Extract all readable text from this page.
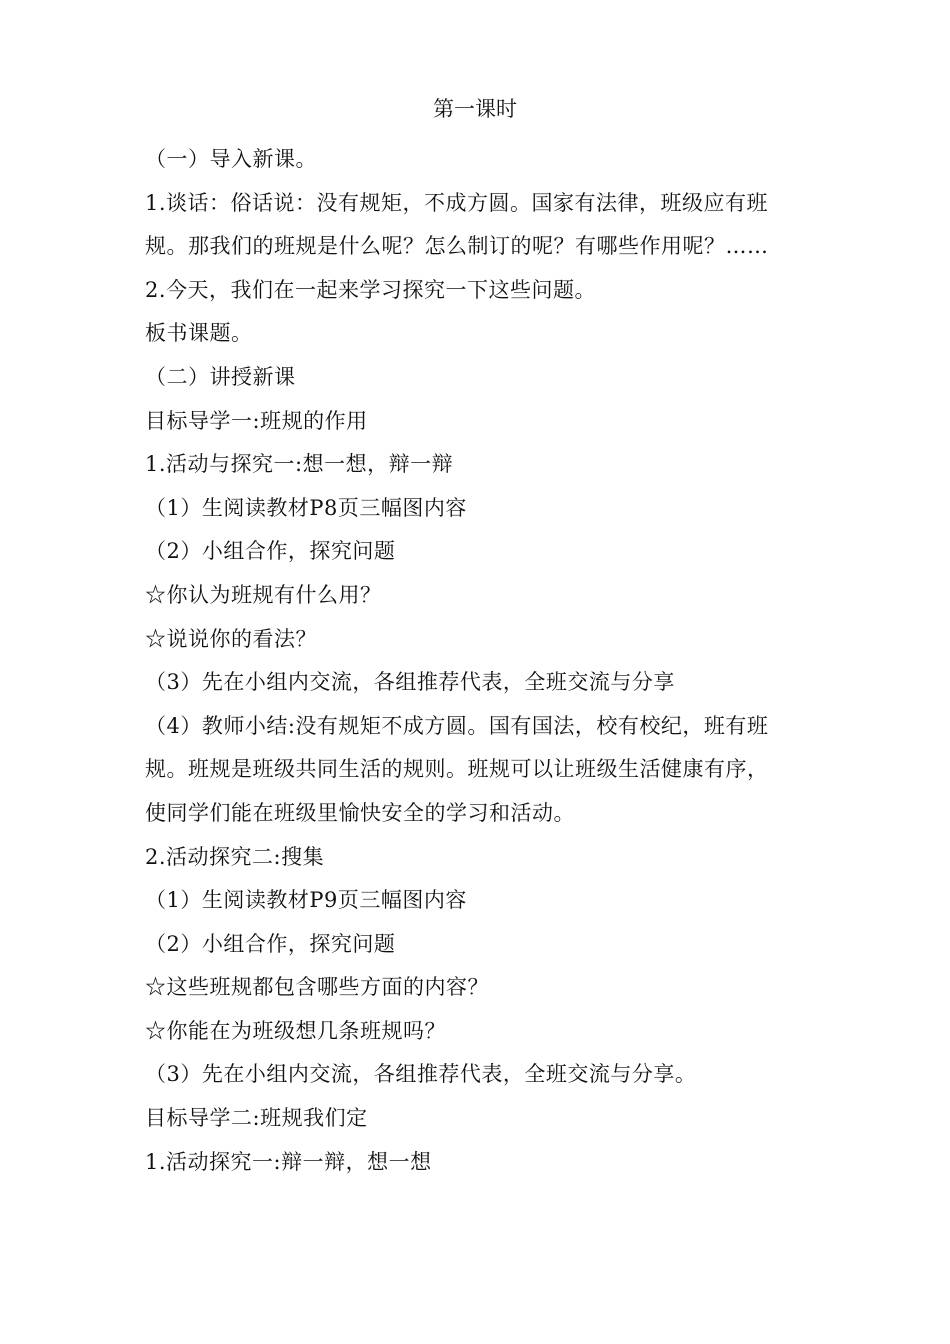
第一课时

（一）导入新课。

1.谈话：俗话说：没有规矩，不成方圆。国家有法律，班级应有班

规。那我们的班规是什么呢？怎么制订的呢？有哪些作用呢？……

2.今天，我们在一起来学习探究一下这些问题。

板书课题。

（二）讲授新课

目标导学一:班规的作用

1.活动与探究一:想一想，辩一辩

（1）生阅读教材P8页三幅图内容

（2）小组合作，探究问题

☆你认为班规有什么用？

☆说说你的看法？

（3）先在小组内交流，各组推荐代表，全班交流与分享

（4）教师小结:没有规矩不成方圆。国有国法，校有校纪，班有班

规。班规是班级共同生活的规则。班规可以让班级生活健康有序，

使同学们能在班级里愉快安全的学习和活动。

2.活动探究二:搜集

（1）生阅读教材P9页三幅图内容

（2）小组合作，探究问题

☆这些班规都包含哪些方面的内容？

☆你能在为班级想几条班规吗？

（3）先在小组内交流，各组推荐代表，全班交流与分享。

目标导学二:班规我们定

1.活动探究一:辩一辩，想一想
